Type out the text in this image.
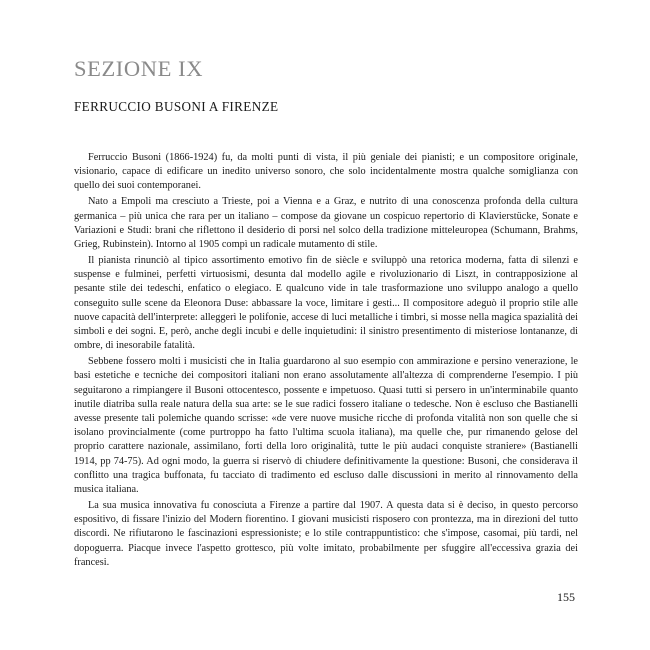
SEZIONE IX
FERRUCCIO BUSONI A FIRENZE

Ferruccio Busoni (1866-1924) fu, da molti punti di vista, il più geniale dei pianisti; e un compositore originale, visionario, capace di edificare un inedito universo sonoro, che solo incidentalmente mostra qualche somiglianza con quello dei suoi contemporanei.

Nato a Empoli ma cresciuto a Trieste, poi a Vienna e a Graz, e nutrito di una conoscenza profonda della cultura germanica – più unica che rara per un italiano – compose da giovane un cospicuo repertorio di Klavierstücke, Sonate e Variazioni e Studi: brani che riflettono il desiderio di porsi nel solco della tradizione mitteleuropea (Schumann, Brahms, Grieg, Rubinstein). Intorno al 1905 compì un radicale mutamento di stile.

Il pianista rinunciò al tipico assortimento emotivo fin de siècle e sviluppò una retorica moderna, fatta di silenzi e suspense e fulminei, perfetti virtuosismi, desunta dal modello agile e rivoluzionario di Liszt, in contrapposizione al pesante stile dei tedeschi, enfatico o elegiaco. E qualcuno vide in tale trasformazione uno sviluppo analogo a quello conseguito sulle scene da Eleonora Duse: abbassare la voce, limitare i gesti... Il compositore adeguò il proprio stile alle nuove capacità dell'interprete: alleggerì le polifonie, accese di luci metalliche i timbri, si mosse nella magica spazialità dei simboli e dei sogni. E, però, anche degli incubi e delle inquietudini: il sinistro presentimento di misteriose lontananze, di ombre, di inesorabile fatalità.

Sebbene fossero molti i musicisti che in Italia guardarono al suo esempio con ammirazione e persino venerazione, le basi estetiche e tecniche dei compositori italiani non erano assolutamente all'altezza di comprenderne l'esempio. I più seguitarono a rimpiangere il Busoni ottocentesco, possente e impetuoso. Quasi tutti si persero in un'interminabile quanto inutile diatriba sulla reale natura della sua arte: se le sue radici fossero italiane o tedesche. Non è escluso che Bastianelli avesse presente tali polemiche quando scrisse: «de vere nuove musiche ricche di profonda vitalità non son quelle che si isolano provincialmente (come purtroppo ha fatto l'ultima scuola italiana), ma quelle che, pur rimanendo gelose del proprio carattere nazionale, assimilano, forti della loro originalità, tutte le più audaci conquiste straniere» (Bastianelli 1914, pp 74-75). Ad ogni modo, la guerra si riservò di chiudere definitivamente la questione: Busoni, che considerava il conflitto una tragica buffonata, fu tacciato di tradimento ed escluso dalle discussioni in merito al rinnovamento della musica italiana.

La sua musica innovativa fu conosciuta a Firenze a partire dal 1907. A questa data si è deciso, in questo percorso espositivo, di fissare l'inizio del Modern fiorentino. I giovani musicisti risposero con prontezza, ma in direzioni del tutto discordi. Ne rifiutarono le fascinazioni espressioniste; e lo stile contrappuntistico: che s'impose, casomai, più tardi, nel dopoguerra. Piacque invece l'aspetto grottesco, più volte imitato, probabilmente per sfuggire all'eccessiva grazia dei francesi.

155
